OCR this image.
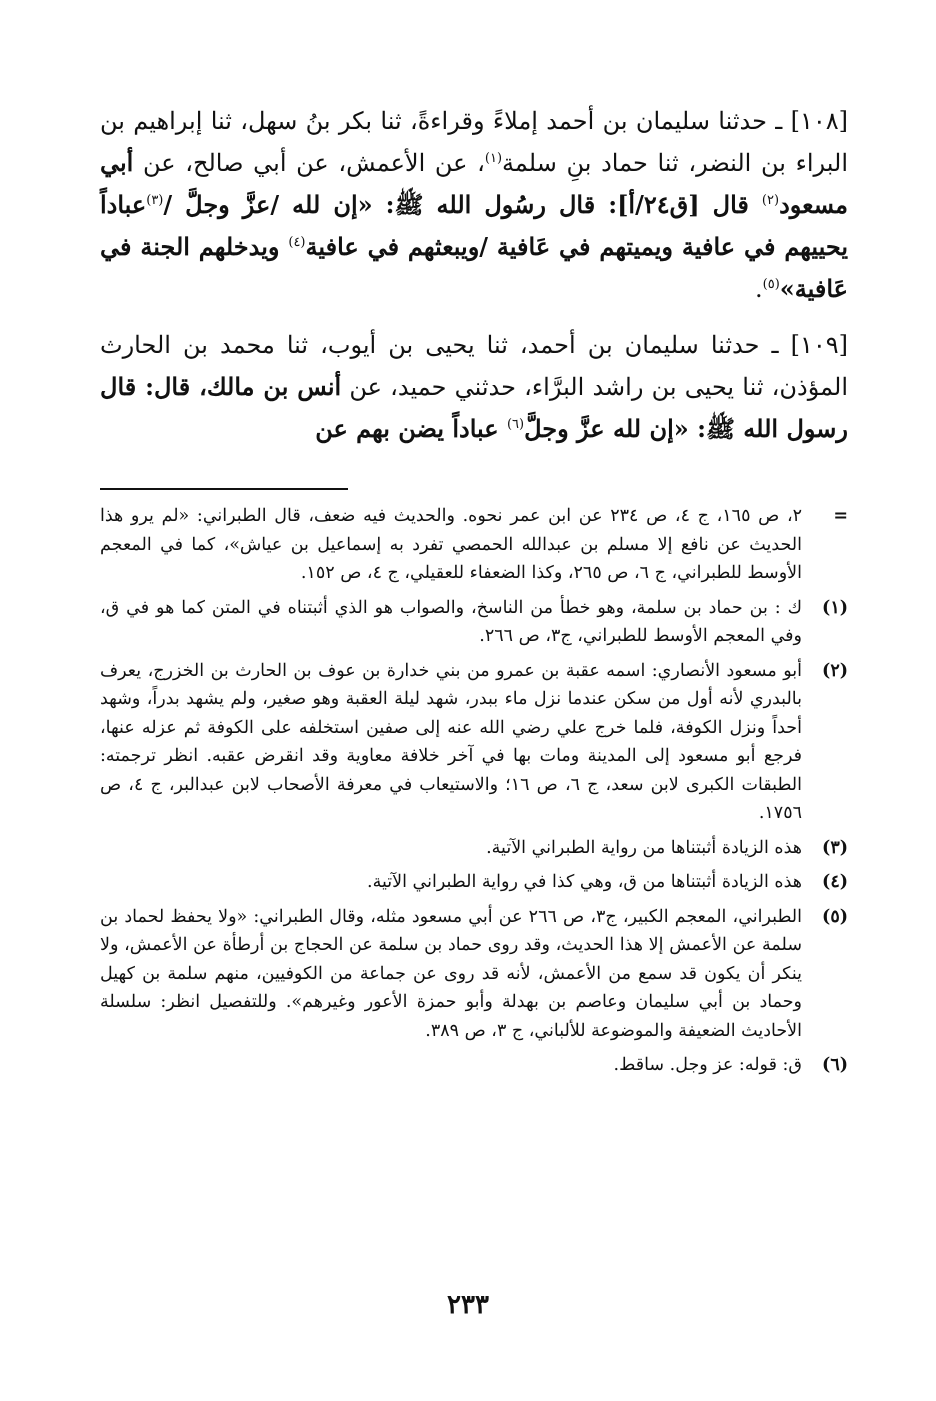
[١٠٨] ـ حدثنا سليمان بن أحمد إملاءً وقراءةً، ثنا بكر بنُ سهل، ثنا إبراهيم بن البراء بن النضر، ثنا حماد بنِ سلمة$^{(١)}$، عن الأعمش، عن أبي صالح، عن أبي مسعود$^{(٢)}$ قال [ق٢٤/أ]: قال رسُول الله ﷺ: «إن لله /عزَّ وجلَّ /$^{(٣)}$عباداً يحييهم في عافية ويميتهم في عَافية /ويبعثهم في عافية$^{(٤)}$ ويدخلهم الجنة في عَافية»$^{(٥)}$.

[١٠٩] ـ حدثنا سليمان بن أحمد، ثنا يحيى بن أيوب، ثنا محمد بن الحارث المؤذن، ثنا يحيى بن راشد البرَّاء، حدثني حميد، عن أنس بن مالك، قال: قال رسول الله ﷺ: «إن لله عزَّ وجلَّ$^{(٦)}$ عباداً يضن بهم عن

=
٢، ص ١٦٥، ج ٤، ص ٢٣٤ عن ابن عمر نحوه. والحديث فيه ضعف، قال الطبراني: «لم يرو هذا الحديث عن نافع إلا مسلم بن عبدالله الحمصي تفرد به إسماعيل بن عياش»، كما في المعجم الأوسط للطبراني، ج ٦، ص ٢٦٥، وكذا الضعفاء للعقيلي، ج ٤، ص ١٥٢.
(١)
ك : بن حماد بن سلمة، وهو خطأ من الناسخ، والصواب هو الذي أثبتناه في المتن كما هو في ق، وفي المعجم الأوسط للطبراني، ج٣، ص ٢٦٦.
(٢)
أبو مسعود الأنصاري: اسمه عقبة بن عمرو من بني خدارة بن عوف بن الحارث بن الخزرج، يعرف بالبدري لأنه أول من سكن عندما نزل ماء ببدر، شهد ليلة العقبة وهو صغير، ولم يشهد بدراً، وشهد أحداً ونزل الكوفة، فلما خرج علي رضي الله عنه إلى صفين استخلفه على الكوفة ثم عزله عنها، فرجع أبو مسعود إلى المدينة ومات بها في آخر خلافة معاوية وقد انقرض عقبه. انظر ترجمته: الطبقات الكبرى لابن سعد، ج ٦، ص ١٦؛ والاستيعاب في معرفة الأصحاب لابن عبدالبر، ج ٤، ص ١٧٥٦.
(٣)
هذه الزيادة أثبتناها من رواية الطبراني الآتية.
(٤)
هذه الزيادة أثبتناها من ق، وهي كذا في رواية الطبراني الآتية.
(٥)
الطبراني، المعجم الكبير، ج٣، ص ٢٦٦ عن أبي مسعود مثله، وقال الطبراني: «ولا يحفظ لحماد بن سلمة عن الأعمش إلا هذا الحديث، وقد روى حماد بن سلمة عن الحجاج بن أرطأة عن الأعمش، ولا ينكر أن يكون قد سمع من الأعمش، لأنه قد روى عن جماعة من الكوفيين، منهم سلمة بن كهيل وحماد بن أبي سليمان وعاصم بن بهدلة وأبو حمزة الأعور وغيرهم». وللتفصيل انظر: سلسلة الأحاديث الضعيفة والموضوعة للألباني، ج ٣، ص ٣٨٩.
(٦)
ق: قوله: عز وجل. ساقط.
٢٣٣
